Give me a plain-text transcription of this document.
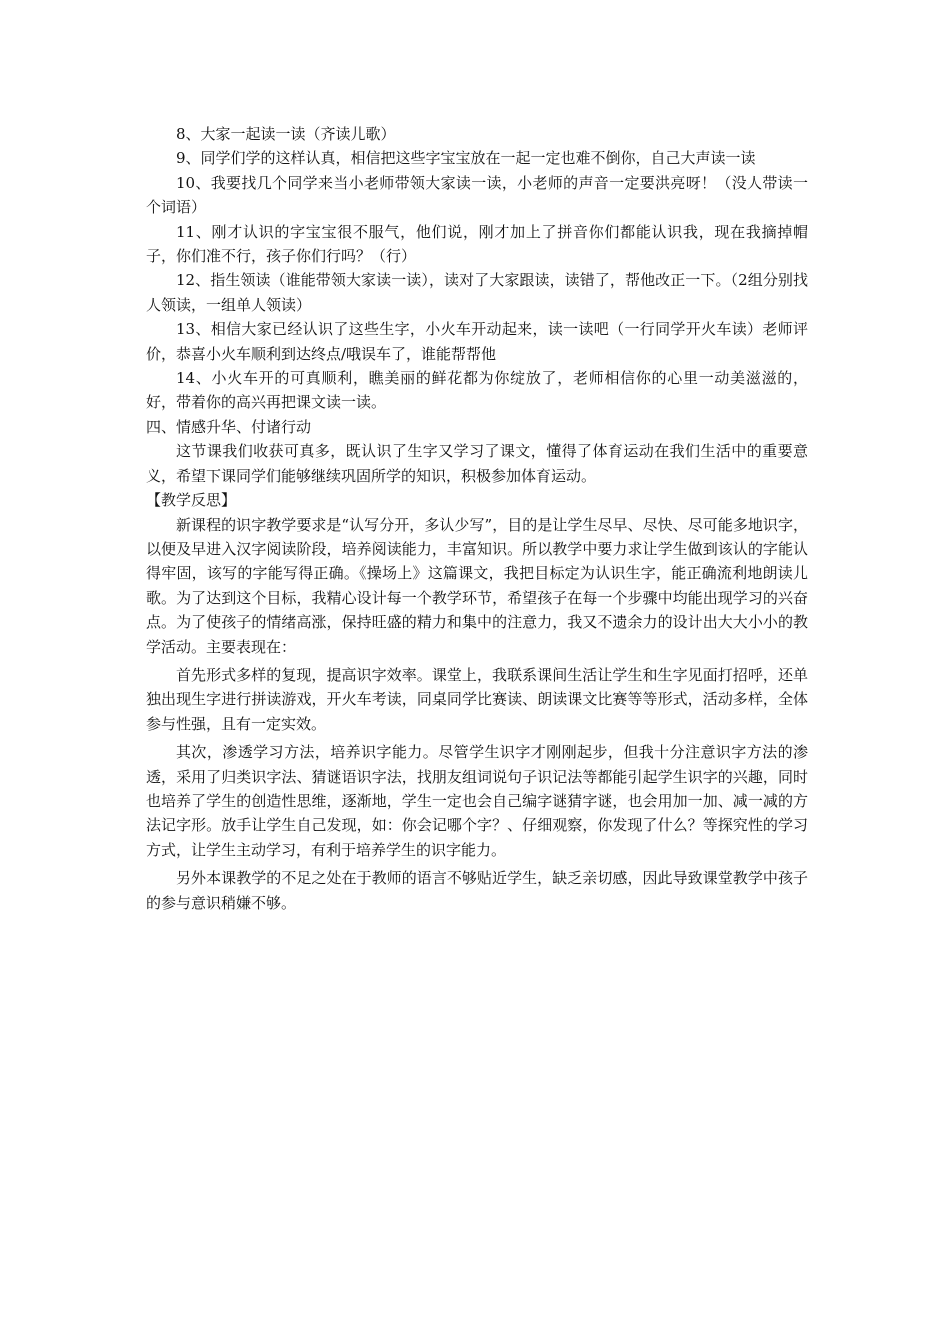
8、大家一起读一读（齐读儿歌）

9、同学们学的这样认真，相信把这些字宝宝放在一起一定也难不倒你，自己大声读一读

10、我要找几个同学来当小老师带领大家读一读，小老师的声音一定要洪亮呀！（没人带读一个词语）

11、刚才认识的字宝宝很不服气，他们说，刚才加上了拼音你们都能认识我，现在我摘掉帽子，你们准不行，孩子你们行吗？（行）

12、指生领读（谁能带领大家读一读），读对了大家跟读，读错了，帮他改正一下。（2组分别找人领读，一组单人领读）

13、相信大家已经认识了这些生字，小火车开动起来，读一读吧（一行同学开火车读）老师评价，恭喜小火车顺利到达终点/哦误车了，谁能帮帮他

14、小火车开的可真顺利，瞧美丽的鲜花都为你绽放了，老师相信你的心里一动美滋滋的，好，带着你的高兴再把课文读一读。

四、情感升华、付诸行动

这节课我们收获可真多，既认识了生字又学习了课文，懂得了体育运动在我们生活中的重要意义，希望下课同学们能够继续巩固所学的知识，积极参加体育运动。

【教学反思】

新课程的识字教学要求是“认写分开，多认少写”，目的是让学生尽早、尽快、尽可能多地识字，以便及早进入汉字阅读阶段，培养阅读能力，丰富知识。所以教学中要力求让学生做到该认的字能认得牢固，该写的字能写得正确。《操场上》这篇课文，我把目标定为认识生字，能正确流利地朗读儿歌。为了达到这个目标，我精心设计每一个教学环节，希望孩子在每一个步骤中均能出现学习的兴奋点。为了使孩子的情绪高涨，保持旺盛的精力和集中的注意力，我又不遗余力的设计出大大小小的教学活动。主要表现在：

首先形式多样的复现，提高识字效率。课堂上，我联系课间生活让学生和生字见面打招呼，还单独出现生字进行拼读游戏，开火车考读，同桌同学比赛读、朗读课文比赛等等形式，活动多样，全体参与性强，且有一定实效。

其次，渗透学习方法，培养识字能力。尽管学生识字才刚刚起步，但我十分注意识字方法的渗透，采用了归类识字法、猜谜语识字法，找朋友组词说句子识记法等都能引起学生识字的兴趣，同时也培养了学生的创造性思维，逐渐地，学生一定也会自己编字谜猜字谜，也会用加一加、减一减的方法记字形。放手让学生自己发现，如：你会记哪个字？、仔细观察，你发现了什么？等探究性的学习方式，让学生主动学习，有利于培养学生的识字能力。

另外本课教学的不足之处在于教师的语言不够贴近学生，缺乏亲切感，因此导致课堂教学中孩子的参与意识稍嫌不够。
